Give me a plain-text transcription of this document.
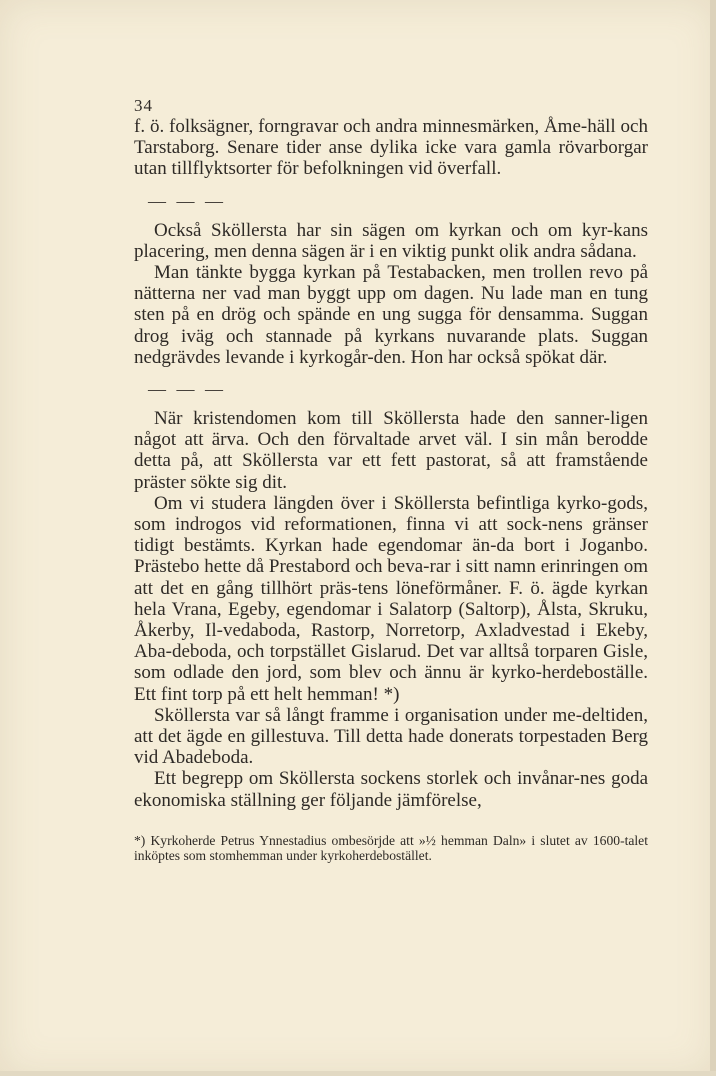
34

f. ö. folksägner, forngravar och andra minnesmärken, Åme-häll och Tarstaborg. Senare tider anse dylika icke vara gamla rövarborgar utan tillflyktsorter för befolkningen vid överfall.

— — —

Också Sköllersta har sin sägen om kyrkan och om kyr-kans placering, men denna sägen är i en viktig punkt olik andra sådana.

Man tänkte bygga kyrkan på Testabacken, men trollen revo på nätterna ner vad man byggt upp om dagen. Nu lade man en tung sten på en drög och spände en ung sugga för densamma. Suggan drog iväg och stannade på kyrkans nuvarande plats. Suggan nedgrävdes levande i kyrkogår-den. Hon har också spökat där.

— — —

När kristendomen kom till Sköllersta hade den sanner-ligen något att ärva. Och den förvaltade arvet väl. I sin mån berodde detta på, att Sköllersta var ett fett pastorat, så att framstående präster sökte sig dit.

Om vi studera längden över i Sköllersta befintliga kyrko-gods, som indrogos vid reformationen, finna vi att sock-nens gränser tidigt bestämts. Kyrkan hade egendomar än-da bort i Joganbo. Prästebo hette då Prestabord och beva-rar i sitt namn erinringen om att det en gång tillhört präs-tens löneförmåner. F. ö. ägde kyrkan hela Vrana, Egeby, egendomar i Salatorp (Saltorp), Ålsta, Skruku, Åkerby, Il-vedaboda, Rastorp, Norretorp, Axladvestad i Ekeby, Aba-deboda, och torpstället Gislarud. Det var alltså torparen Gisle, som odlade den jord, som blev och ännu är kyrko-herdeboställe. Ett fint torp på ett helt hemman! *)

Sköllersta var så långt framme i organisation under me-deltiden, att det ägde en gillestuva. Till detta hade donerats torpestaden Berg vid Abadeboda.

Ett begrepp om Sköllersta sockens storlek och invånar-nes goda ekonomiska ställning ger följande jämförelse,

*) Kyrkoherde Petrus Ynnestadius ombesörjde att »½ hemman Daln» i slutet av 1600-talet inköptes som stomhemman under kyrkoherdebostället.
